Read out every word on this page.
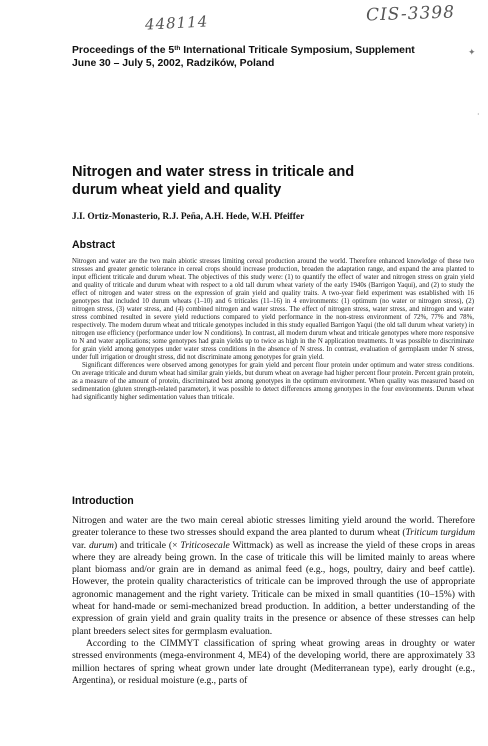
448114	CIS-3398
✦
·
Proceedings of the 5th International Triticale Symposium, Supplement
June 30 – July 5, 2002, Radzików, Poland
Nitrogen and water stress in triticale and durum wheat yield and quality
J.I. Ortiz-Monasterio, R.J. Peña, A.H. Hede, W.H. Pfeiffer
Abstract

Nitrogen and water are the two main abiotic stresses limiting cereal production around the world. Therefore enhanced knowledge of these two stresses and greater genetic tolerance in cereal crops should increase production, broaden the adaptation range, and expand the area planted to input efficient triticale and durum wheat. The objectives of this study were: (1) to quantify the effect of water and nitrogen stress on grain yield and quality of triticale and durum wheat with respect to a old tall durum wheat variety of the early 1940s (Barrigon Yaqui), and (2) to study the effect of nitrogen and water stress on the expression of grain yield and quality traits. A two-year field experiment was established with 16 genotypes that included 10 durum wheats (1–10) and 6 triticales (11–16) in 4 environments: (1) optimum (no water or nitrogen stress), (2) nitrogen stress, (3) water stress, and (4) combined nitrogen and water stress. The effect of nitrogen stress, water stress, and nitrogen and water stress combined resulted in severe yield reductions compared to yield performance in the non-stress environment of 72%, 77% and 78%, respectively. The modern durum wheat and triticale genotypes included in this study equalled Barrigon Yaqui (the old tall durum wheat variety) in nitrogen use efficiency (performance under low N conditions). In contrast, all modern durum wheat and triticale genotypes where more responsive to N and water applications; some genotypes had grain yields up to twice as high in the N application treatments. It was possible to discriminate for grain yield among genotypes under water stress conditions in the absence of N stress. In contrast, evaluation of germplasm under N stress, under full irrigation or drought stress, did not discriminate among genotypes for grain yield.

Significant differences were observed among genotypes for grain yield and percent flour protein under optimum and water stress conditions. On average triticale and durum wheat had similar grain yields, but durum wheat on average had higher percent flour protein. Percent grain protein, as a measure of the amount of protein, discriminated best among genotypes in the optimum environment. When quality was measured based on sedimentation (gluten strength-related parameter), it was possible to detect differences among genotypes in the four environments. Durum wheat had significantly higher sedimentation values than triticale.

Introduction

Nitrogen and water are the two main cereal abiotic stresses limiting yield around the world. Therefore greater tolerance to these two stresses should expand the area planted to durum wheat (Triticum turgidum var. durum) and triticale (× Triticosecale Wittmack) as well as increase the yield of these crops in areas where they are already being grown. In the case of triticale this will be limited mainly to areas where plant biomass and/or grain are in demand as animal feed (e.g., hogs, poultry, dairy and beef cattle). However, the protein quality characteristics of triticale can be improved through the use of appropriate agronomic management and the right variety. Triticale can be mixed in small quantities (10–15%) with wheat for hand-made or semi-mechanized bread production. In addition, a better understanding of the expression of grain yield and grain quality traits in the presence or absence of these stresses can help plant breeders select sites for germplasm evaluation.

According to the CIMMYT classification of spring wheat growing areas in droughty or water stressed environments (mega-environment 4, ME4) of the developing world, there are approximately 33 million hectares of spring wheat grown under late drought (Mediterranean type), early drought (e.g., Argentina), or residual moisture (e.g., parts of
